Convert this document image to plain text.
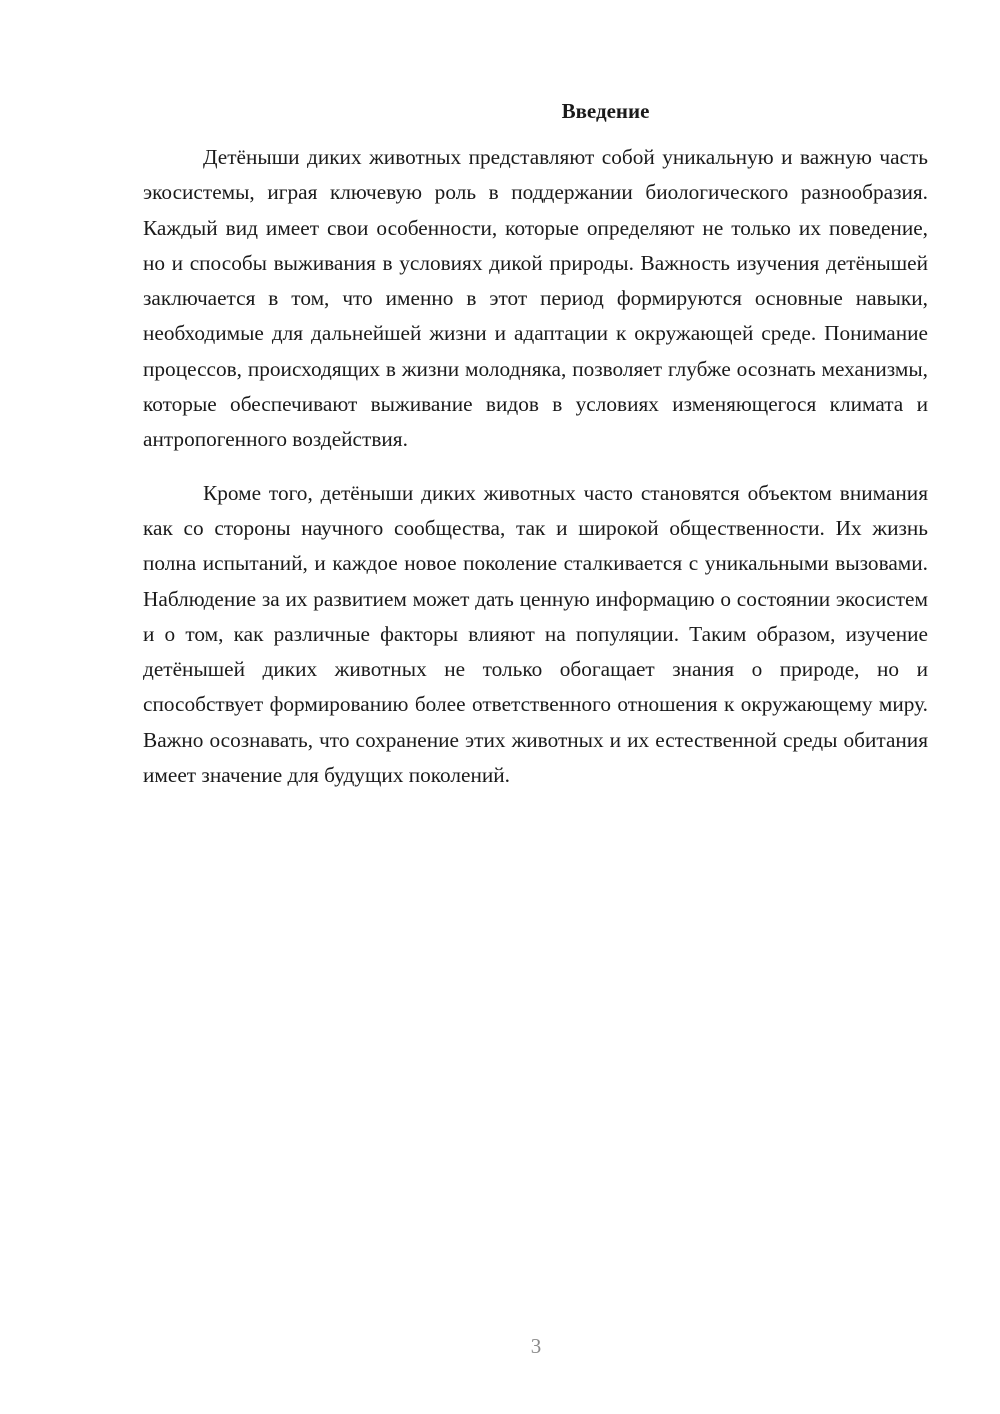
Введение

Детёныши диких животных представляют собой уникальную и важную часть экосистемы, играя ключевую роль в поддержании биологического разнообразия. Каждый вид имеет свои особенности, которые определяют не только их поведение, но и способы выживания в условиях дикой природы. Важность изучения детёнышей заключается в том, что именно в этот период формируются основные навыки, необходимые для дальнейшей жизни и адаптации к окружающей среде. Понимание процессов, происходящих в жизни молодняка, позволяет глубже осознать механизмы, которые обеспечивают выживание видов в условиях изменяющегося климата и антропогенного воздействия.

Кроме того, детёныши диких животных часто становятся объектом внимания как со стороны научного сообщества, так и широкой общественности. Их жизнь полна испытаний, и каждое новое поколение сталкивается с уникальными вызовами. Наблюдение за их развитием может дать ценную информацию о состоянии экосистем и о том, как различные факторы влияют на популяции. Таким образом, изучение детёнышей диких животных не только обогащает знания о природе, но и способствует формированию более ответственного отношения к окружающему миру. Важно осознавать, что сохранение этих животных и их естественной среды обитания имеет значение для будущих поколений.

3
